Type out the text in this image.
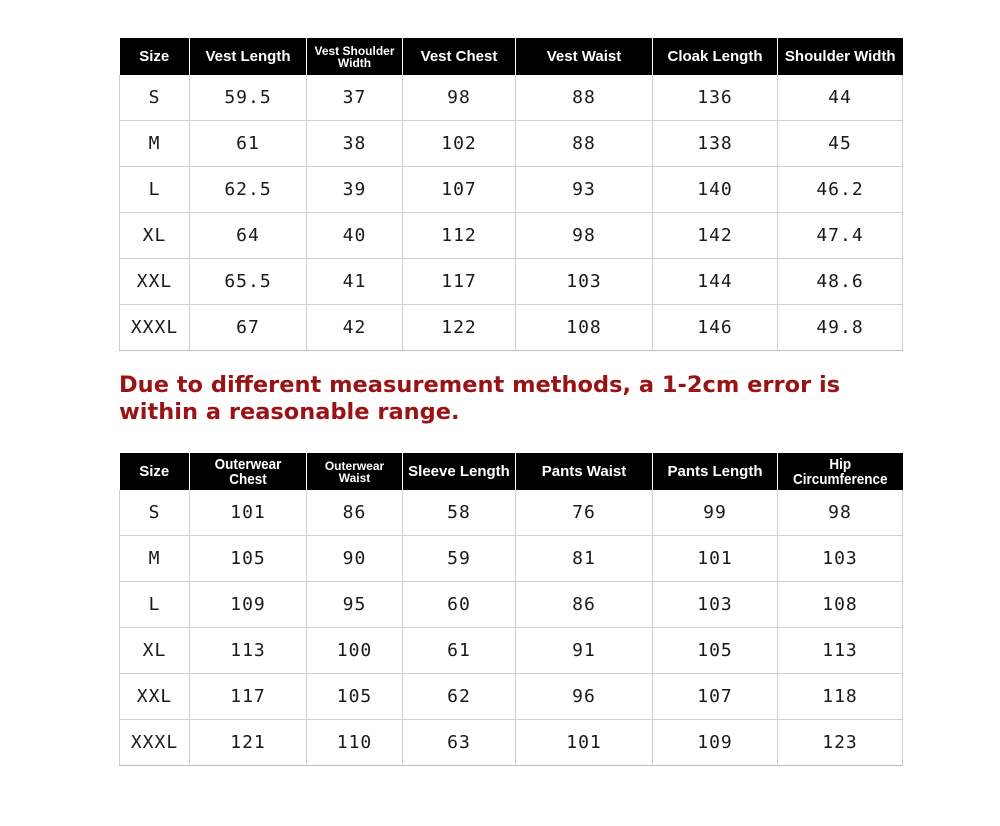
Size	Vest Length	Vest Shoulder Width	Vest Chest	Vest Waist	Cloak Length	Shoulder Width
S	59.5	37	98	88	136	44
M	61	38	102	88	138	45
L	62.5	39	107	93	140	46.2
XL	64	40	112	98	142	47.4
XXL	65.5	41	117	103	144	48.6
XXXL	67	42	122	108	146	49.8

Due to different measurement methods, a 1-2cm error is within a reasonable range.

Size	Outerwear Chest	Outerwear Waist	Sleeve Length	Pants Waist	Pants Length	Hip Circumference
S	101	86	58	76	99	98
M	105	90	59	81	101	103
L	109	95	60	86	103	108
XL	113	100	61	91	105	113
XXL	117	105	62	96	107	118
XXXL	121	110	63	101	109	123
